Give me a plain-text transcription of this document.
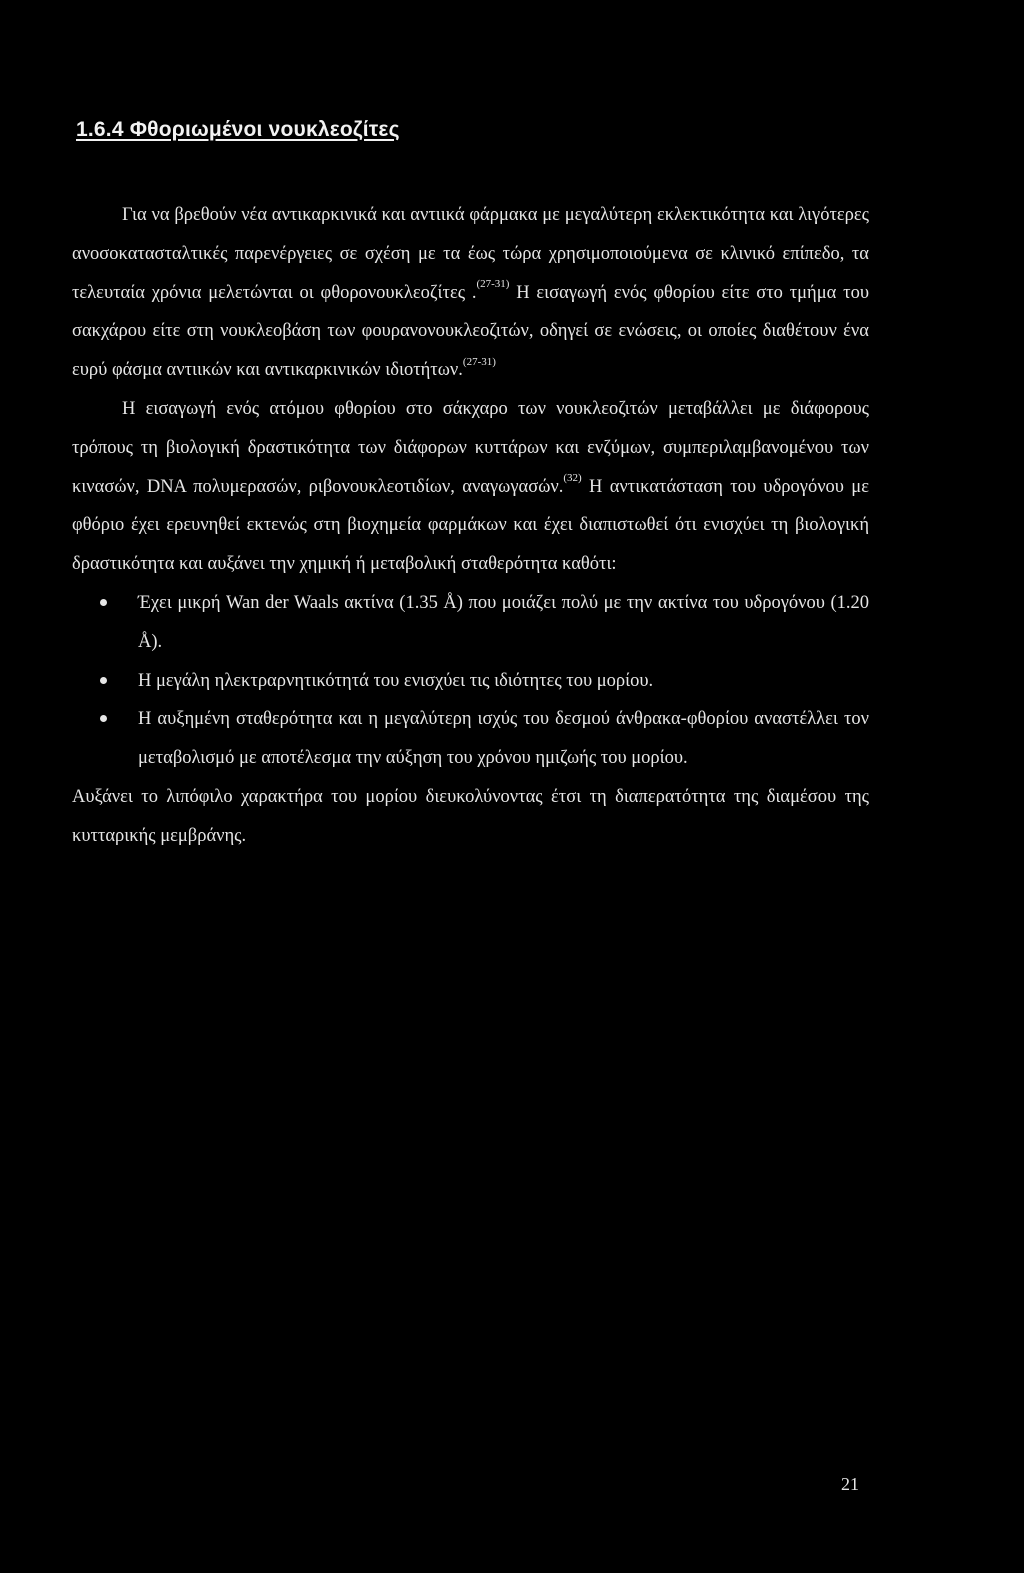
1.6.4 Φθοριωμένοι νουκλεοζίτες

Για να βρεθούν νέα αντικαρκινικά και αντιικά φάρμακα με μεγαλύτερη εκλεκτικότητα και λιγότερες ανοσοκατασταλτικές παρενέργειες σε σχέση με τα έως τώρα χρησιμοποιούμενα σε κλινικό επίπεδο, τα τελευταία χρόνια μελετώνται οι φθορονουκλεοζίτες .$^{(27-31)}$ Η εισαγωγή ενός φθορίου είτε στο τμήμα του σακχάρου είτε στη νουκλεοβάση των φουρανονουκλεοζιτών, οδηγεί σε ενώσεις, οι οποίες διαθέτουν ένα ευρύ φάσμα αντιικών και αντικαρκινικών ιδιοτήτων.$^{(27-31)}$

Η εισαγωγή ενός ατόμου φθορίου στο σάκχαρο των νουκλεοζιτών μεταβάλλει με διάφορους τρόπους τη βιολογική δραστικότητα των διάφορων κυττάρων και ενζύμων, συμπεριλαμβανομένου των κινασών, DNA πολυμερασών, ριβονουκλεοτιδίων, αναγωγασών.$^{(32)}$ Η αντικατάσταση του υδρογόνου με φθόριο έχει ερευνηθεί εκτενώς στη βιοχημεία φαρμάκων και έχει διαπιστωθεί ότι ενισχύει τη βιολογική δραστικότητα και αυξάνει την χημική ή μεταβολική σταθερότητα καθότι:

Έχει μικρή Wan der Waals ακτίνα (1.35 Å) που μοιάζει πολύ με την ακτίνα του υδρογόνου (1.20 Å).
Η μεγάλη ηλεκτραρνητικότητά του ενισχύει τις ιδιότητες του μορίου.
Η αυξημένη σταθερότητα και η μεγαλύτερη ισχύς του δεσμού άνθρακα-φθορίου αναστέλλει τον μεταβολισμό με αποτέλεσμα την αύξηση του χρόνου ημιζωής του μορίου.

Αυξάνει το λιπόφιλο χαρακτήρα του μορίου διευκολύνοντας έτσι τη διαπερατότητα της διαμέσου της κυτταρικής μεμβράνης.

21
